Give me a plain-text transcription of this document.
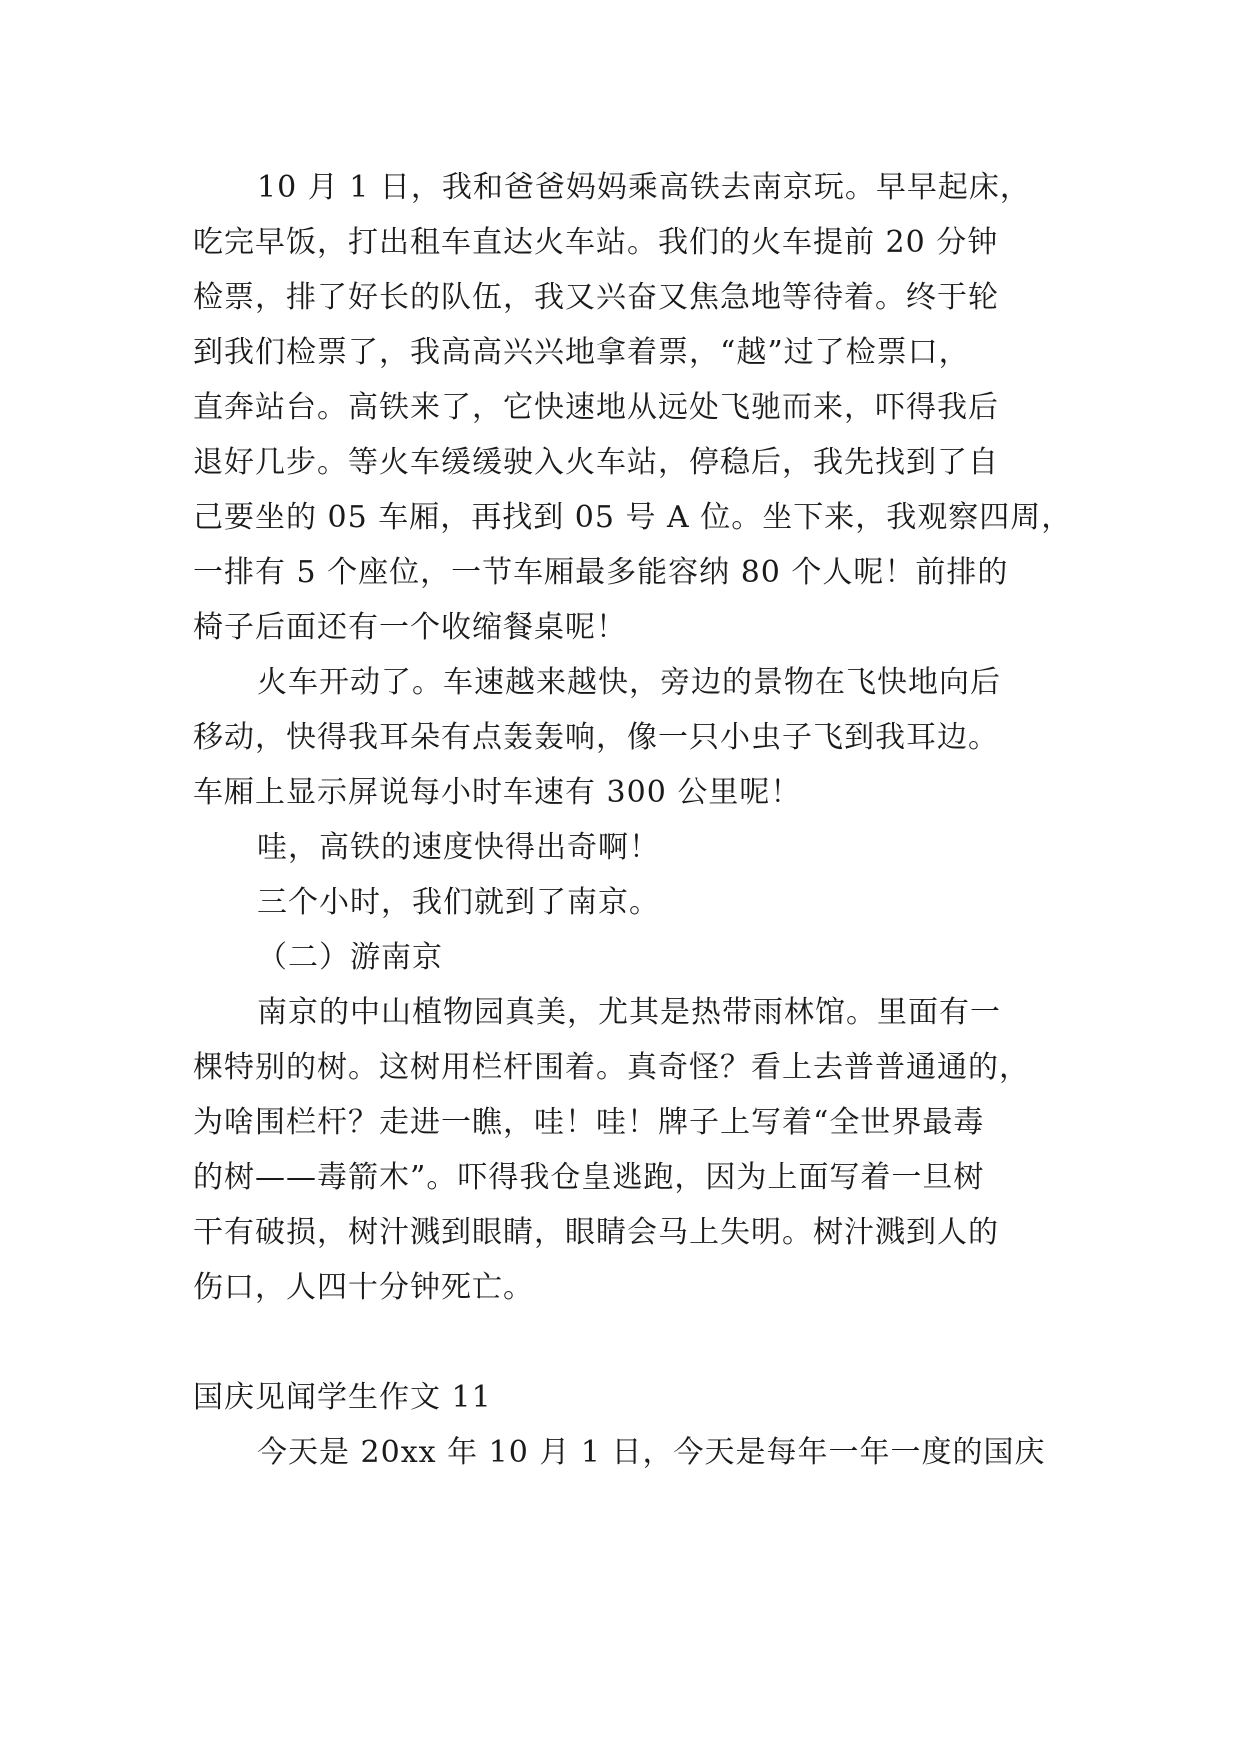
10 月 1 日，我和爸爸妈妈乘高铁去南京玩。早早起床，
吃完早饭，打出租车直达火车站。我们的火车提前 20 分钟
检票，排了好长的队伍，我又兴奋又焦急地等待着。终于轮
到我们检票了，我高高兴兴地拿着票，“越”过了检票口，
直奔站台。高铁来了，它快速地从远处飞驰而来，吓得我后
退好几步。等火车缓缓驶入火车站，停稳后，我先找到了自
己要坐的 05 车厢，再找到 05 号 A 位。坐下来，我观察四周，
一排有 5 个座位，一节车厢最多能容纳 80 个人呢！前排的
椅子后面还有一个收缩餐桌呢！
火车开动了。车速越来越快，旁边的景物在飞快地向后
移动，快得我耳朵有点轰轰响，像一只小虫子飞到我耳边。
车厢上显示屏说每小时车速有 300 公里呢！
哇，高铁的速度快得出奇啊！
三个小时，我们就到了南京。
（二）游南京
南京的中山植物园真美，尤其是热带雨林馆。里面有一
棵特别的树。这树用栏杆围着。真奇怪？看上去普普通通的，
为啥围栏杆？走进一瞧，哇！哇！牌子上写着“全世界最毒
的树——毒箭木”。吓得我仓皇逃跑，因为上面写着一旦树
干有破损，树汁溅到眼睛，眼睛会马上失明。树汁溅到人的
伤口，人四十分钟死亡。
国庆见闻学生作文 11
今天是 20xx 年 10 月 1 日，今天是每年一年一度的国庆
